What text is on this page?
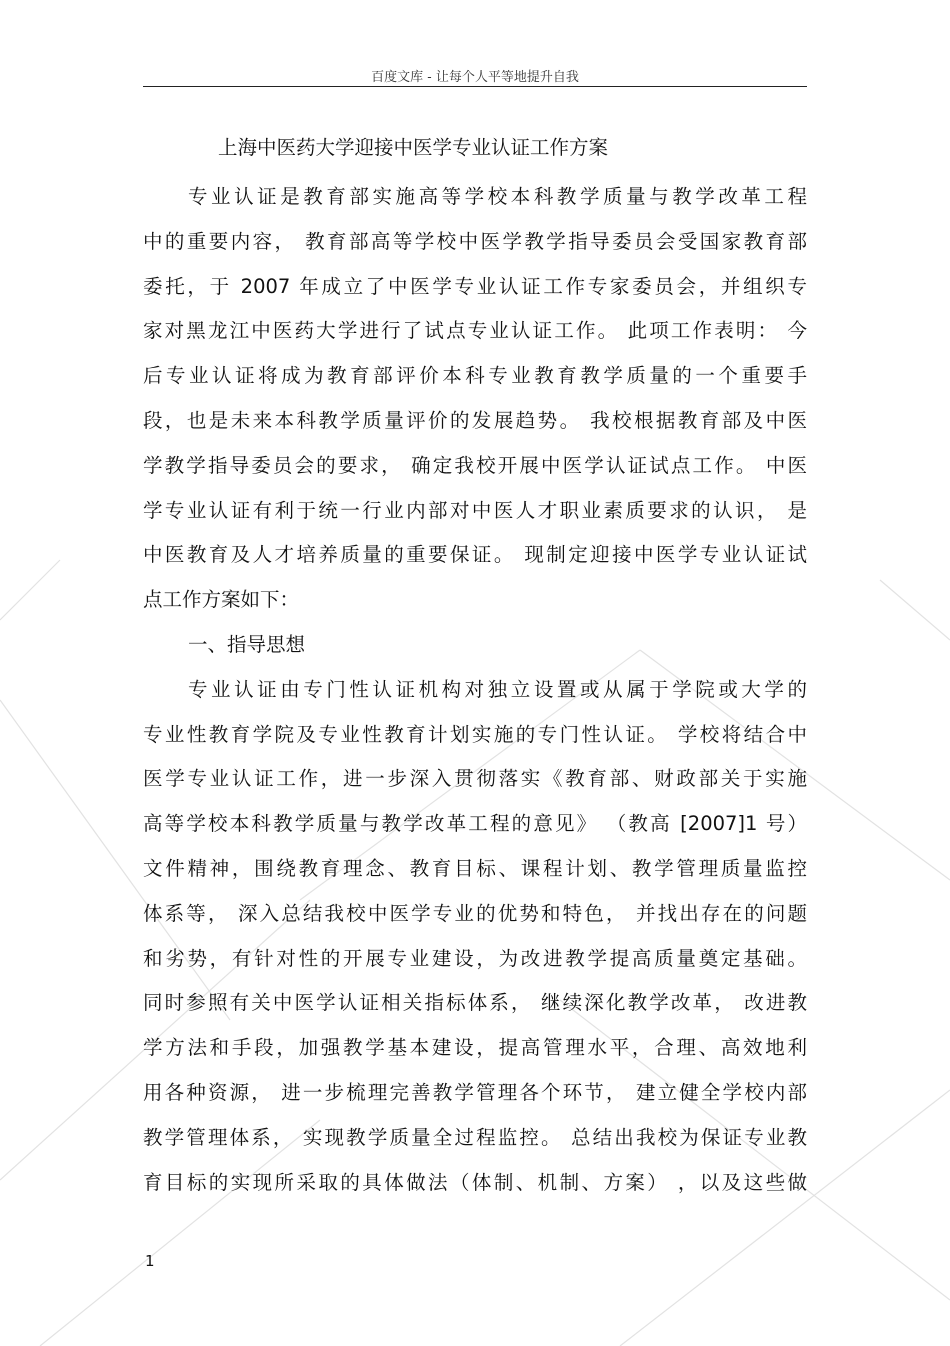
百度文库 - 让每个人平等地提升自我
上海中医药大学迎接中医学专业认证工作方案
专业认证是教育部实施高等学校本科教学质量与教学改革工程
中的重要内容， 教育部高等学校中医学教学指导委员会受国家教育部
委托，于 2007 年成立了中医学专业认证工作专家委员会，并组织专
家对黑龙江中医药大学进行了试点专业认证工作。 此项工作表明： 今
后专业认证将成为教育部评价本科专业教育教学质量的一个重要手
段，也是未来本科教学质量评价的发展趋势。 我校根据教育部及中医
学教学指导委员会的要求， 确定我校开展中医学认证试点工作。 中医
学专业认证有利于统一行业内部对中医人才职业素质要求的认识， 是
中医教育及人才培养质量的重要保证。 现制定迎接中医学专业认证试
点工作方案如下：
一、指导思想
专业认证由专门性认证机构对独立设置或从属于学院或大学的
专业性教育学院及专业性教育计划实施的专门性认证。 学校将结合中
医学专业认证工作，进一步深入贯彻落实《教育部、财政部关于实施
高等学校本科教学质量与教学改革工程的意见》 （教高 [2007]1 号）
文件精神，围绕教育理念、教育目标、课程计划、教学管理质量监控
体系等， 深入总结我校中医学专业的优势和特色， 并找出存在的问题
和劣势，有针对性的开展专业建设，为改进教学提高质量奠定基础。
同时参照有关中医学认证相关指标体系， 继续深化教学改革， 改进教
学方法和手段，加强教学基本建设，提高管理水平，合理、高效地利
用各种资源， 进一步梳理完善教学管理各个环节， 建立健全学校内部
教学管理体系， 实现教学质量全过程监控。 总结出我校为保证专业教
育目标的实现所采取的具体做法（体制、机制、方案） ，以及这些做
1
